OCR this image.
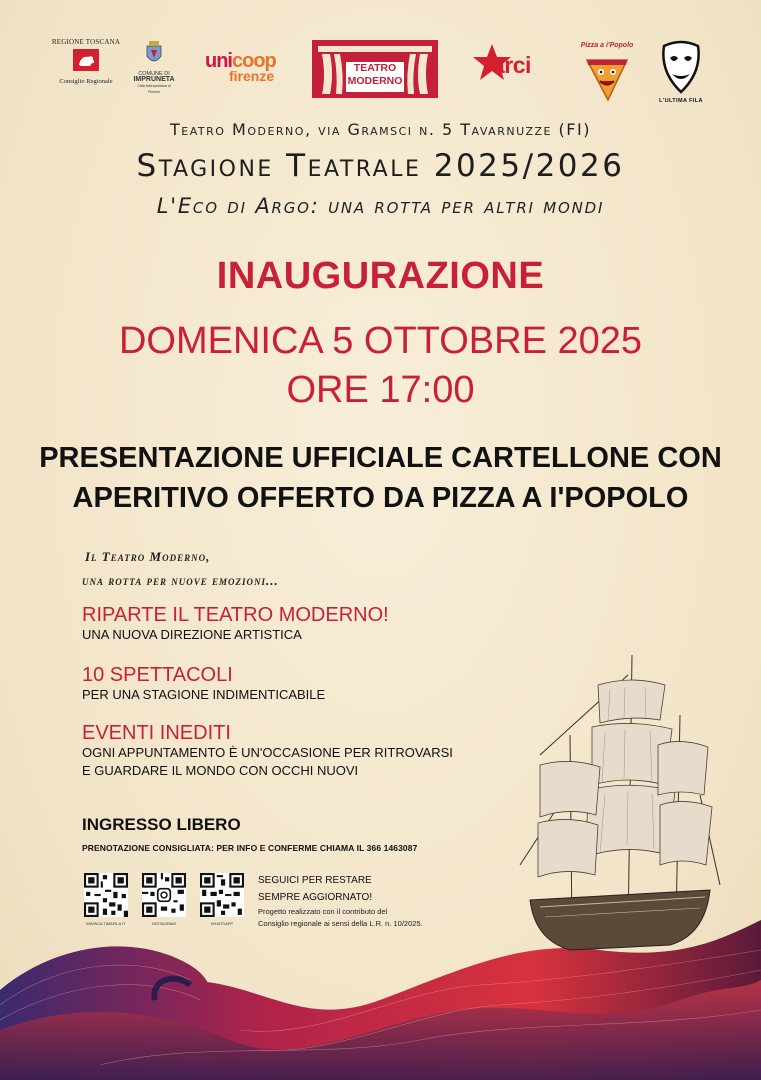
REGIONE TOSCANA
Consiglio Regionale
COMUNE DI
IMPRUNETA
Città Metropolitana di Firenze
unicoop
firenze	TEATRO
MODERNO
arci
Pizza a i'Popolo
L'ULTIMA FILA
Teatro Moderno, via Gramsci n. 5 Tavarnuzze (FI)
Stagione Teatrale 2025/2026
L'Eco di Argo: una rotta per altri mondi
INAUGURAZIONE
DOMENICA 5 OTTOBRE 2025
ORE 17:00
PRESENTAZIONE UFFICIALE CARTELLONE CON
APERITIVO OFFERTO DA PIZZA A I'POPOLO
Il Teatro Moderno,
una rotta per nuove emozioni...
RIPARTE IL TEATRO MODERNO!
UNA NUOVA DIREZIONE ARTISTICA
10 SPETTACOLI
PER UNA STAGIONE INDIMENTICABILE
EVENTI INEDITI
OGNI APPUNTAMENTO È UN'OCCASIONE PER RITROVARSI
E GUARDARE IL MONDO CON OCCHI NUOVI
INGRESSO LIBERO
PRENOTAZIONE CONSIGLIATA: PER INFO E CONFERME CHIAMA IL 366 1463087
WWW.ULTIMAFILA.IT	INSTAGRAM	WHATSAPP
SEGUICI PER RESTARE
SEMPRE AGGIORNATO!
Progetto realizzato con il contributo del
Consiglio regionale ai sensi della L.R. n. 10/2025.
